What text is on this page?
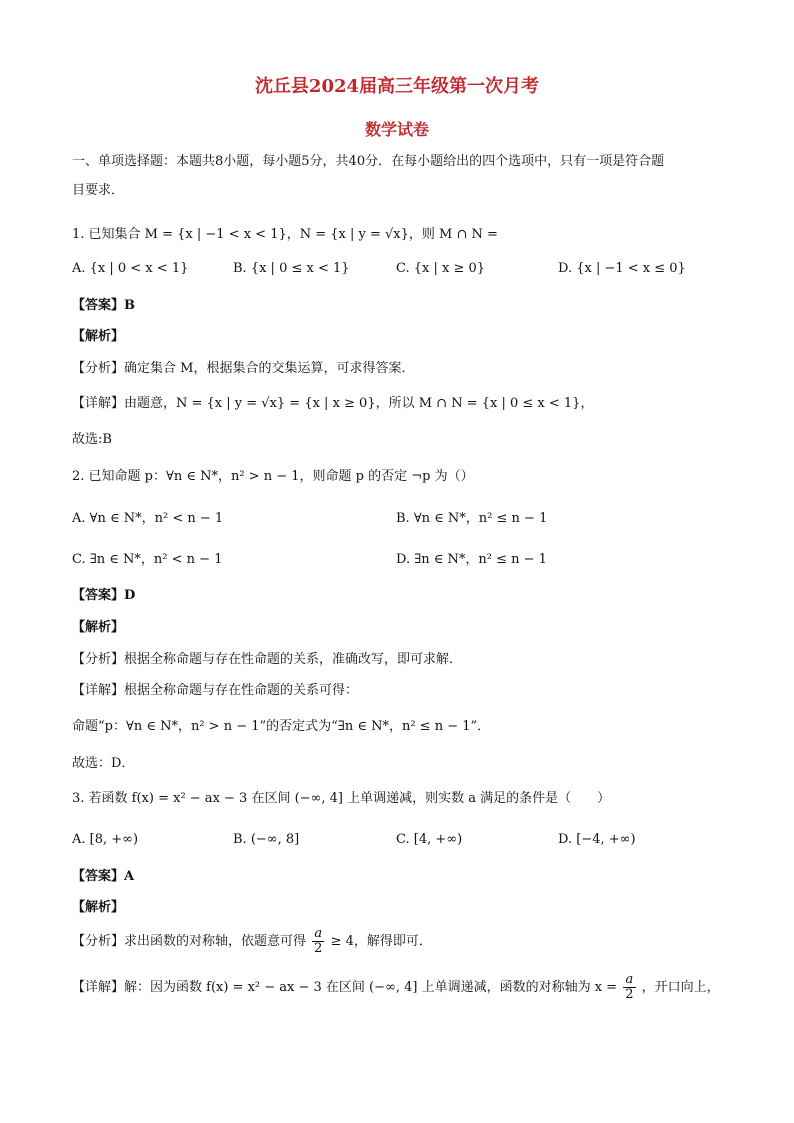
沈丘县2024届高三年级第一次月考
数学试卷
一、单项选择题：本题共8小题，每小题5分，共40分．在每小题给出的四个选项中，只有一项是符合题
目要求．
1. 已知集合 M = {x | −1 < x < 1}，N = {x | y = √x}，则 M ∩ N =
A. {x | 0 < x < 1}	B. {x | 0 ≤ x < 1}	C. {x | x ≥ 0}	D. {x | −1 < x ≤ 0}
【答案】B
【解析】
【分析】确定集合 M，根据集合的交集运算，可求得答案．
【详解】由题意，N = {x | y = √x} = {x | x ≥ 0}，所以 M ∩ N = {x | 0 ≤ x < 1}，
故选:B
2. 已知命题 p：∀n ∈ N*，n² > n − 1，则命题 p 的否定 ¬p 为（）
A. ∀n ∈ N*，n² < n − 1	B. ∀n ∈ N*，n² ≤ n − 1
C. ∃n ∈ N*，n² < n − 1	D. ∃n ∈ N*，n² ≤ n − 1
【答案】D
【解析】
【分析】根据全称命题与存在性命题的关系，准确改写，即可求解．
【详解】根据全称命题与存在性命题的关系可得：
命题“p：∀n ∈ N*，n² > n − 1”的否定式为“∃n ∈ N*，n² ≤ n − 1”．
故选：D．
3. 若函数 f(x) = x² − ax − 3 在区间 (−∞, 4] 上单调递减，则实数 a 满足的条件是（　　）
A. [8, +∞)	B. (−∞, 8]	C. [4, +∞)	D. [−4, +∞)
【答案】A
【解析】
【分析】求出函数的对称轴，依题意可得 $\frac{a}{2} \ge 4$，解得即可．
【详解】解：因为函数 f(x) = x² − ax − 3 在区间 (−∞, 4] 上单调递减，函数的对称轴为 $x = \frac{a}{2}$ ，开口向上，
